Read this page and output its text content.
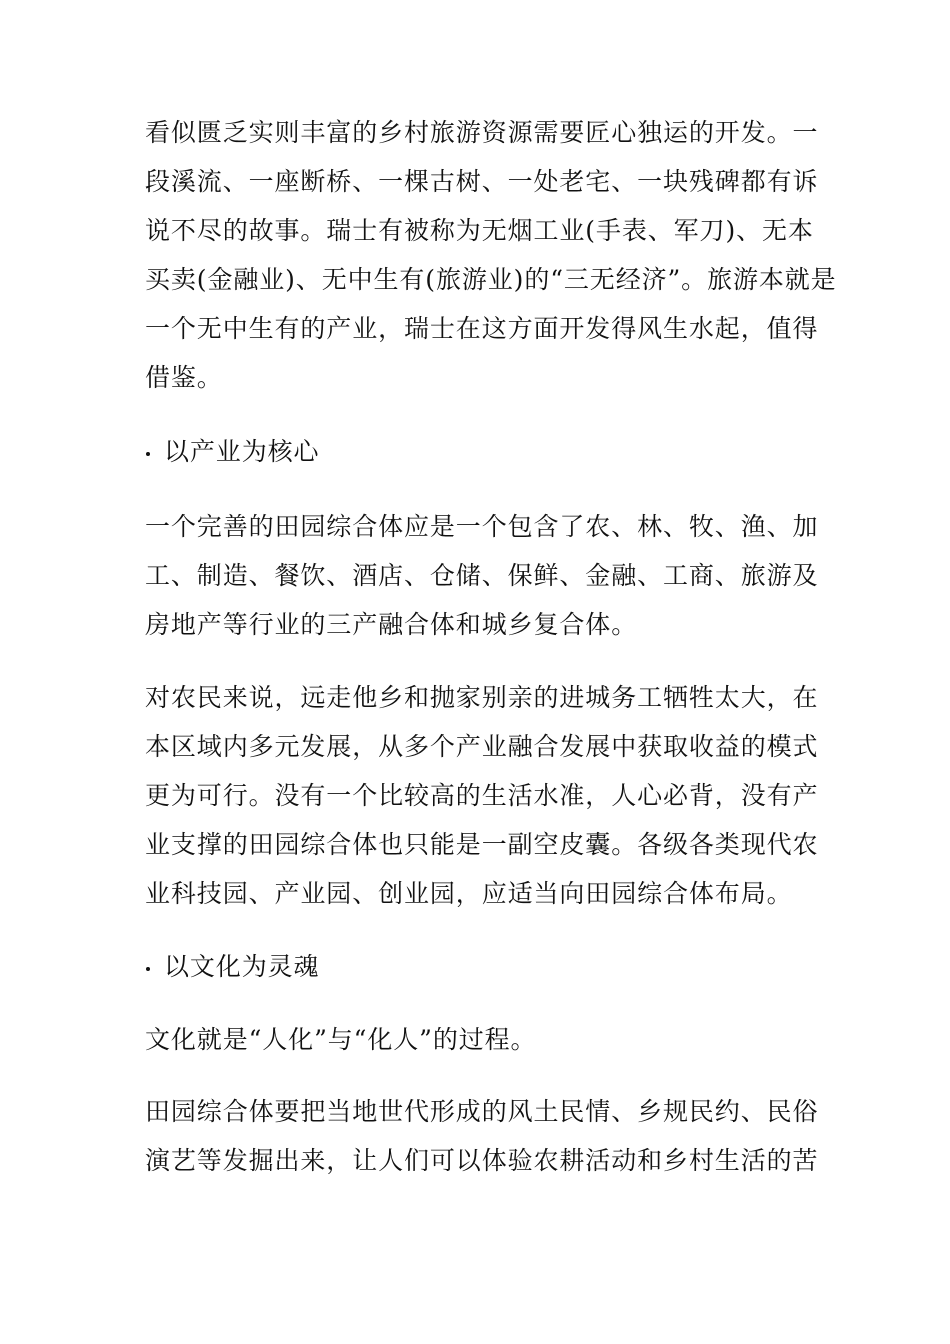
看似匮乏实则丰富的乡村旅游资源需要匠心独运的开发。一
段溪流、一座断桥、一棵古树、一处老宅、一块残碑都有诉
说不尽的故事。瑞士有被称为无烟工业(手表、军刀)、无本
买卖(金融业)、无中生有(旅游业)的“三无经济”。旅游本就是
一个无中生有的产业，瑞士在这方面开发得风生水起，值得
借鉴。
以产业为核心
一个完善的田园综合体应是一个包含了农、林、牧、渔、加
工、制造、餐饮、酒店、仓储、保鲜、金融、工商、旅游及
房地产等行业的三产融合体和城乡复合体。
对农民来说，远走他乡和抛家别亲的进城务工牺牲太大，在
本区域内多元发展，从多个产业融合发展中获取收益的模式
更为可行。没有一个比较高的生活水准，人心必背，没有产
业支撑的田园综合体也只能是一副空皮囊。各级各类现代农
业科技园、产业园、创业园，应适当向田园综合体布局。
以文化为灵魂
文化就是“人化”与“化人”的过程。
田园综合体要把当地世代形成的风土民情、乡规民约、民俗
演艺等发掘出来，让人们可以体验农耕活动和乡村生活的苦
